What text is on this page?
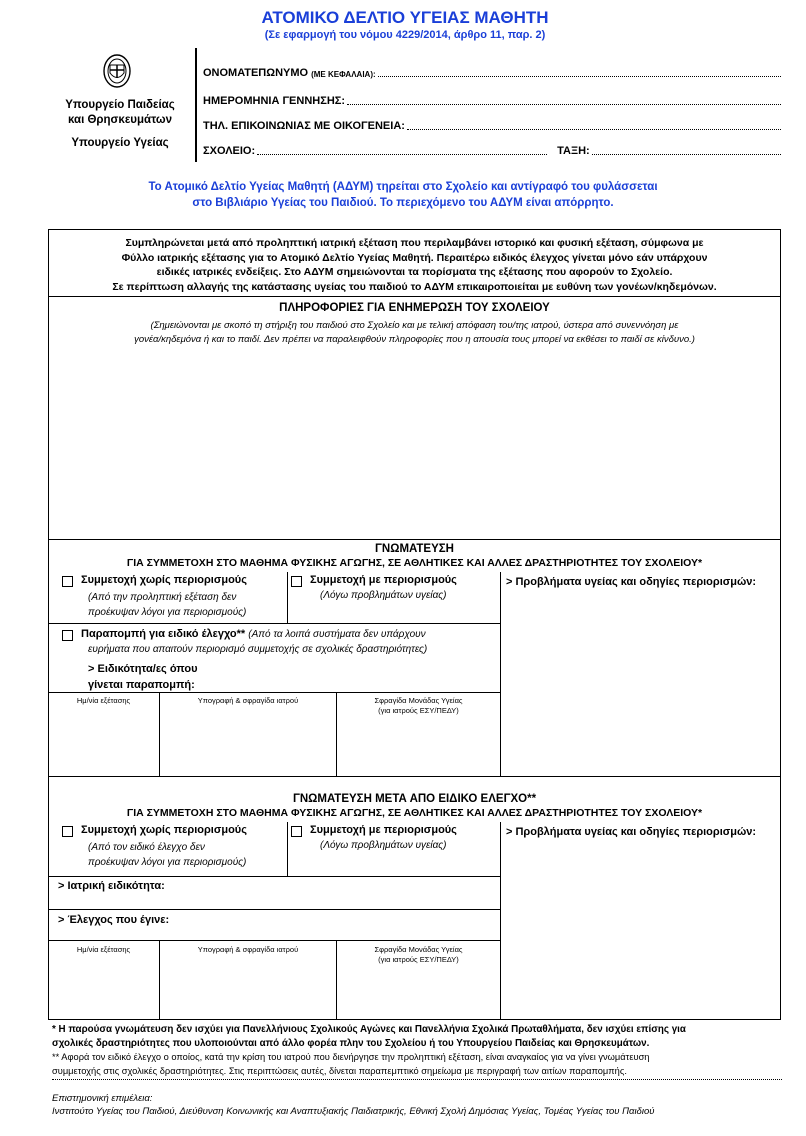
ΑΤΟΜΙΚΟ ΔΕΛΤΙΟ ΥΓΕΙΑΣ ΜΑΘΗΤΗ
(Σε εφαρμογή του νόμου 4229/2014, άρθρο 11, παρ. 2)
Υπουργείο Παιδείας
και Θρησκευμάτων
Υπουργείο Υγείας
ΟΝΟΜΑΤΕΠΩΝΥΜΟ (ΜΕ ΚΕΦΑΛΑΙΑ):
ΗΜΕΡΟΜΗΝΙΑ ΓΕΝΝΗΣΗΣ:
ΤΗΛ. ΕΠΙΚΟΙΝΩΝΙΑΣ ΜΕ ΟΙΚΟΓΕΝΕΙΑ:
ΣΧΟΛΕΙΟ:	ΤΑΞΗ:
Το Ατομικό Δελτίο Υγείας Μαθητή (ΑΔΥΜ) τηρείται στο Σχολείο και αντίγραφό του φυλάσσεται
στο Βιβλιάριο Υγείας του Παιδιού. Το περιεχόμενο του ΑΔΥΜ είναι απόρρητο.
Συμπληρώνεται μετά από προληπτική ιατρική εξέταση που περιλαμβάνει ιστορικό και φυσική εξέταση, σύμφωνα με
Φύλλο ιατρικής εξέτασης για το Ατομικό Δελτίο Υγείας Μαθητή. Περαιτέρω ειδικός έλεγχος γίνεται μόνο εάν υπάρχουν
ειδικές ιατρικές ενδείξεις. Στο ΑΔΥΜ σημειώνονται τα πορίσματα της εξέτασης που αφορούν το Σχολείο.
Σε περίπτωση αλλαγής της κατάστασης υγείας του παιδιού το ΑΔΥΜ επικαιροποιείται με ευθύνη των γονέων/κηδεμόνων.
ΠΛΗΡΟΦΟΡΙΕΣ ΓΙΑ ΕΝΗΜΕΡΩΣΗ ΤΟΥ ΣΧΟΛΕΙΟΥ
(Σημειώνονται με σκοπό τη στήριξη του παιδιού στο Σχολείο και με τελική απόφαση του/της ιατρού, ύστερα από συνεννόηση με
γονέα/κηδεμόνα ή και το παιδί. Δεν πρέπει να παραλειφθούν πληροφορίες που η απουσία τους μπορεί να εκθέσει το παιδί σε κίνδυνο.)
ΓΝΩΜΑΤΕΥΣΗ
ΓΙΑ ΣΥΜΜΕΤΟΧΗ ΣΤΟ ΜΑΘΗΜΑ ΦΥΣΙΚΗΣ ΑΓΩΓΗΣ, ΣΕ ΑΘΛΗΤΙΚΕΣ ΚΑΙ ΑΛΛΕΣ ΔΡΑΣΤΗΡΙΟΤΗΤΕΣ ΤΟΥ ΣΧΟΛΕΙΟΥ*
Συμμετοχή χωρίς περιορισμούς
(Από την προληπτική εξέταση δεν
προέκυψαν λόγοι για περιορισμούς)
Συμμετοχή με περιορισμούς
(Λόγω προβλημάτων υγείας)
> Προβλήματα υγείας και οδηγίες περιορισμών:
Παραπομπή για ειδικό έλεγχο** (Από τα λοιπά συστήματα δεν υπάρχουν
ευρήματα που απαιτούν περιορισμό συμμετοχής σε σχολικές δραστηριότητες)
> Ειδικότητα/ες όπου
γίνεται παραπομπή:
Ημ/νία εξέτασης	Υπογραφή & σφραγίδα ιατρού	Σφραγίδα Μονάδας Υγείας
(για ιατρούς ΕΣΥ/ΠΕΔΥ)
ΓΝΩΜΑΤΕΥΣΗ ΜΕΤΑ ΑΠΟ ΕΙΔΙΚΟ ΕΛΕΓΧΟ**
ΓΙΑ ΣΥΜΜΕΤΟΧΗ ΣΤΟ ΜΑΘΗΜΑ ΦΥΣΙΚΗΣ ΑΓΩΓΗΣ, ΣΕ ΑΘΛΗΤΙΚΕΣ ΚΑΙ ΑΛΛΕΣ ΔΡΑΣΤΗΡΙΟΤΗΤΕΣ ΤΟΥ ΣΧΟΛΕΙΟΥ*
Συμμετοχή χωρίς περιορισμούς
(Από τον ειδικό έλεγχο δεν
προέκυψαν λόγοι για περιορισμούς)
Συμμετοχή με περιορισμούς
(Λόγω προβλημάτων υγείας)
> Προβλήματα υγείας και οδηγίες περιορισμών:
> Ιατρική ειδικότητα:
> Έλεγχος που έγινε:
Ημ/νία εξέτασης	Υπογραφή & σφραγίδα ιατρού	Σφραγίδα Μονάδας Υγείας
(για ιατρούς ΕΣΥ/ΠΕΔΥ)
* Η παρούσα γνωμάτευση δεν ισχύει για Πανελλήνιους Σχολικούς Αγώνες και Πανελλήνια Σχολικά Πρωταθλήματα, δεν ισχύει επίσης για
σχολικές δραστηριότητες που υλοποιούνται από άλλο φορέα πλην του Σχολείου ή του Υπουργείου Παιδείας και Θρησκευμάτων.
** Αφορά τον ειδικό έλεγχο ο οποίος, κατά την κρίση του ιατρού που διενήργησε την προληπτική εξέταση, είναι αναγκαίος για να γίνει γνωμάτευση
συμμετοχής στις σχολικές δραστηριότητες. Στις περιπτώσεις αυτές, δίνεται παραπεμπτικό σημείωμα με περιγραφή των αιτίων παραπομπής.
Επιστημονική επιμέλεια:
Ινστιτούτο Υγείας του Παιδιού, Διεύθυνση Κοινωνικής και Αναπτυξιακής Παιδιατρικής, Εθνική Σχολή Δημόσιας Υγείας, Τομέας Υγείας του Παιδιού
